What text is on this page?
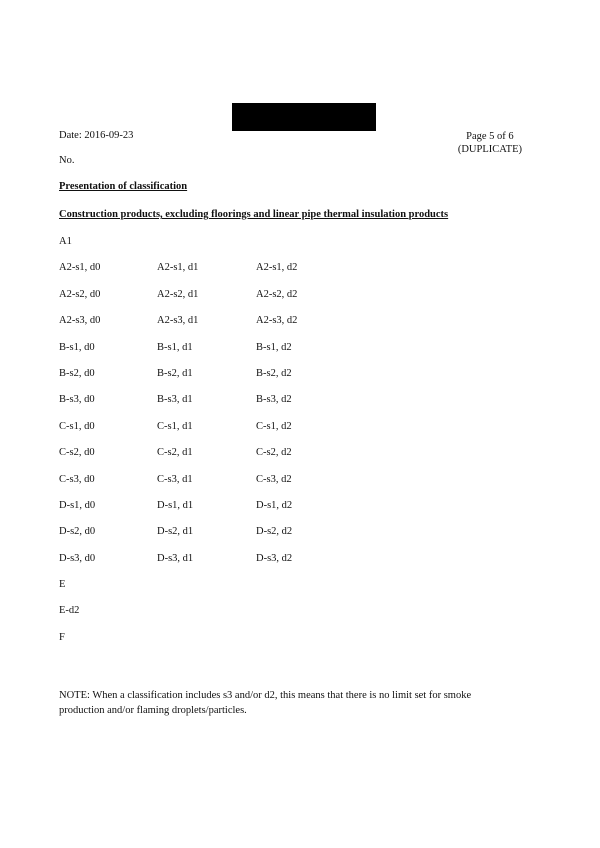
Date: 2016-09-23	Page 5 of 6
(DUPLICATE)
No.
Presentation of classification
Construction products, excluding floorings and linear pipe thermal insulation products
A1
A2-s1, d0	A2-s1, d1	A2-s1, d2
A2-s2, d0	A2-s2, d1	A2-s2, d2
A2-s3, d0	A2-s3, d1	A2-s3, d2
B-s1, d0	B-s1, d1	B-s1, d2
B-s2, d0	B-s2, d1	B-s2, d2
B-s3, d0	B-s3, d1	B-s3, d2
C-s1, d0	C-s1, d1	C-s1, d2
C-s2, d0	C-s2, d1	C-s2, d2
C-s3, d0	C-s3, d1	C-s3, d2
D-s1, d0	D-s1, d1	D-s1, d2
D-s2, d0	D-s2, d1	D-s2, d2
D-s3, d0	D-s3, d1	D-s3, d2
E
E-d2
F
NOTE: When a classification includes s3 and/or d2, this means that there is no limit set for smoke production and/or flaming droplets/particles.
